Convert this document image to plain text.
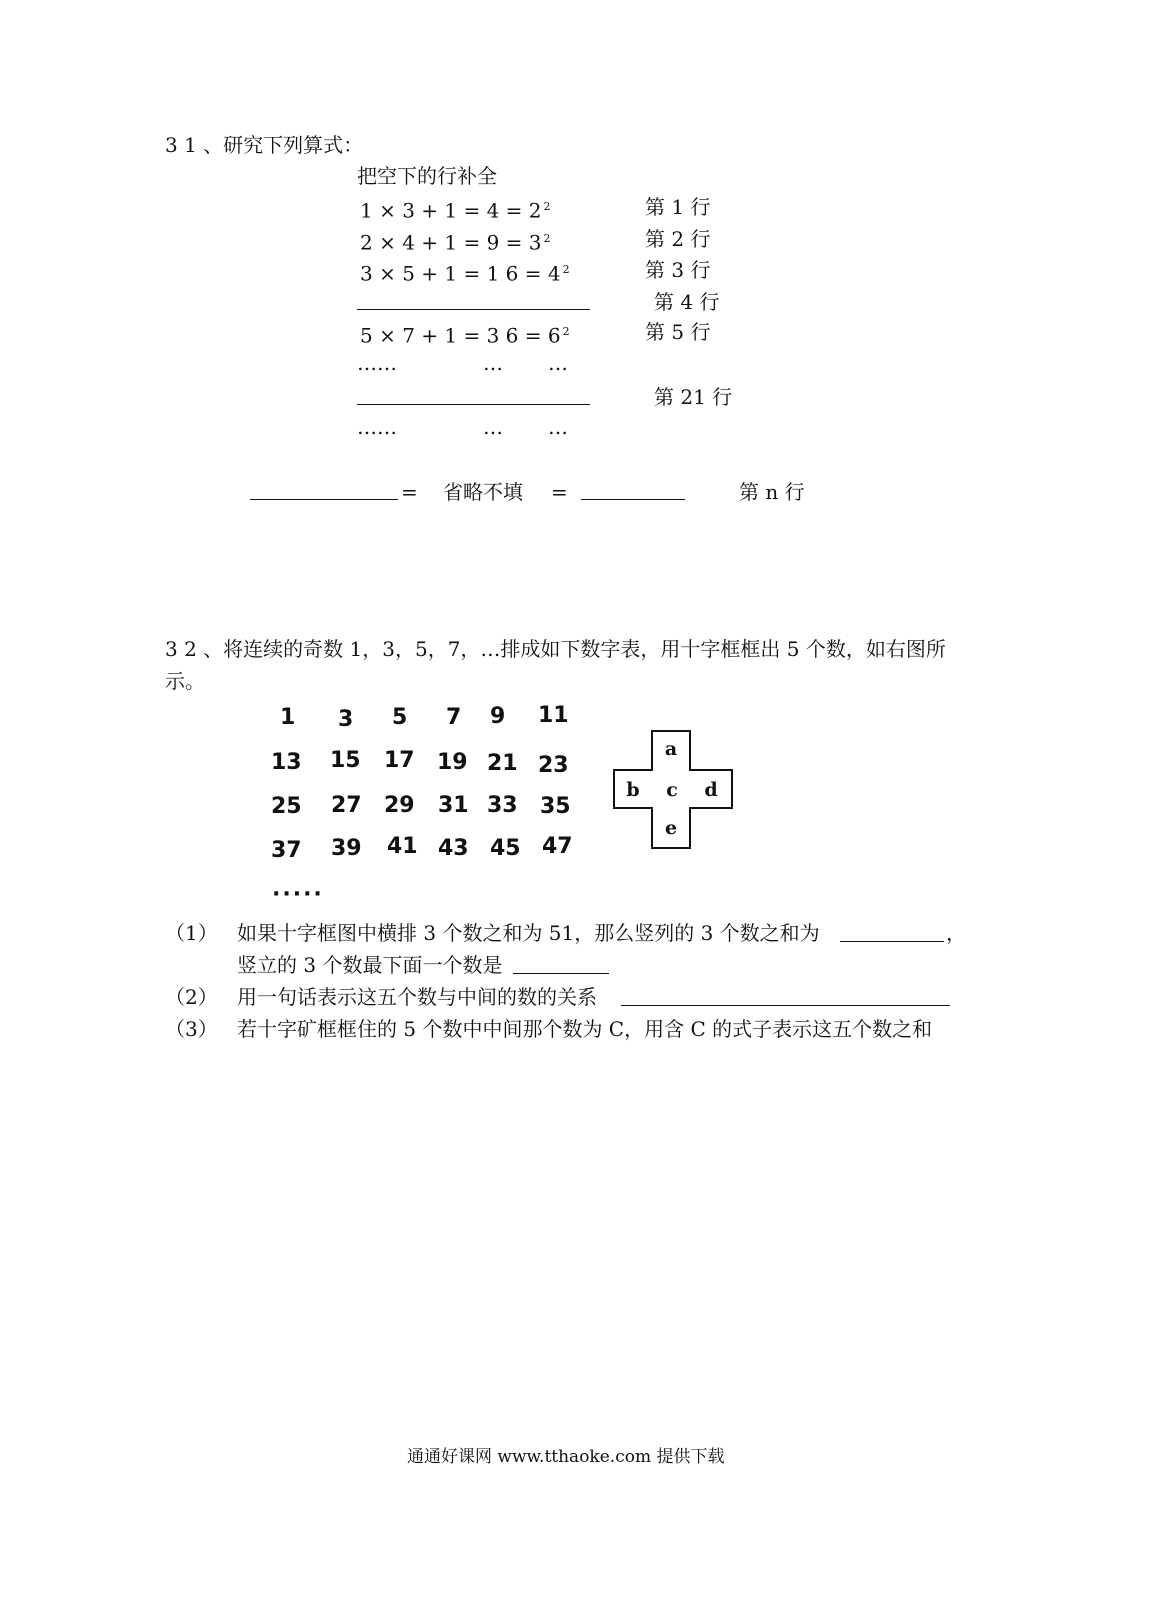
3 1 、研究下列算式：
把空下的行补全
1 × 3 + 1 = 4 = 2 $^2$	第 1 行
2 × 4 + 1 = 9 = 3 $^2$	第 2 行
3 × 5 + 1 = 1 6 = 4 $^2$	第 3 行
第 4 行
5 × 7 + 1 = 3 6 = 6 $^2$	第 5 行
……	… …
第 21 行
……	… …
= 省略不填 =	第 n 行
3 2 、将连续的奇数 1，3，5，7，…排成如下数字表，用十字框框出 5 个数，如右图所
示。
1 3 5 7 9 11
13 15 17 19 21 23
25 27 29 31 33 35
37 39 41 43 45 47
·····
a
b c d
e
（1） 如果十字框图中横排 3 个数之和为 51，那么竖列的 3 个数之和为	，
竖立的 3 个数最下面一个数是
（2） 用一句话表示这五个数与中间的数的关系
（3） 若十字矿框框住的 5 个数中中间那个数为 C，用含 C 的式子表示这五个数之和
通通好课网 www.tthaoke.com 提供下载
